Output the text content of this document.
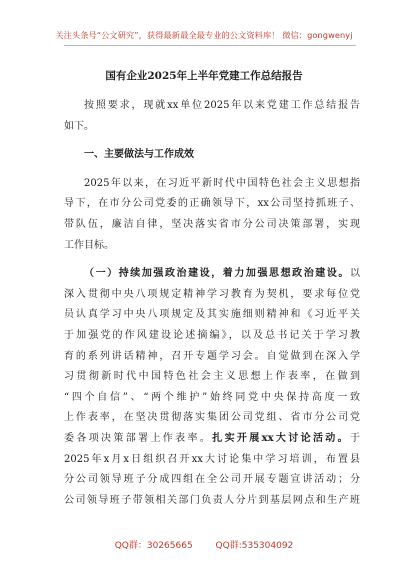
关注头条号“公文研究”，获得最新最全最专业的公文资料库！ 微信：gongwenyj
国有企业2025年上半年党建工作总结报告
按照要求，现就xx单位2025年以来党建工作总结报告
如下。
一、主要做法与工作成效
2025年以来，在习近平新时代中国特色社会主义思想指
导下，在市分公司党委的正确领导下，xx公司坚持抓班子、
带队伍，廉洁自律，坚决落实省市分公司决策部署，实现
工作目标。
（一）持续加强政治建设，着力加强思想政治建设。以
深入贯彻中央八项规定精神学习教育为契机，要求每位党
员认真学习中央八项规定及其实施细则精神和《习近平关
于加强党的作风建设论述摘编》，以及总书记关于学习教
育的系列讲话精神，召开专题学习会。自觉做到在深入学
习贯彻新时代中国特色社会主义思想上作表率，在做到
“四个自信”、“两个维护”始终同党中央保持高度一致
上作表率，在坚决贯彻落实集团公司党组、省市分公司党
委各项决策部署上作表率。扎实开展xx大讨论活动。于
2025年x月x日组织召开xx大讨论集中学习培训，布置县
分公司领导班子分成四组在全公司开展专题宣讲活动；分
公司领导班子带领相关部门负责人分片到基层网点和生产班
QQ群：30265665	QQ群:535304092
